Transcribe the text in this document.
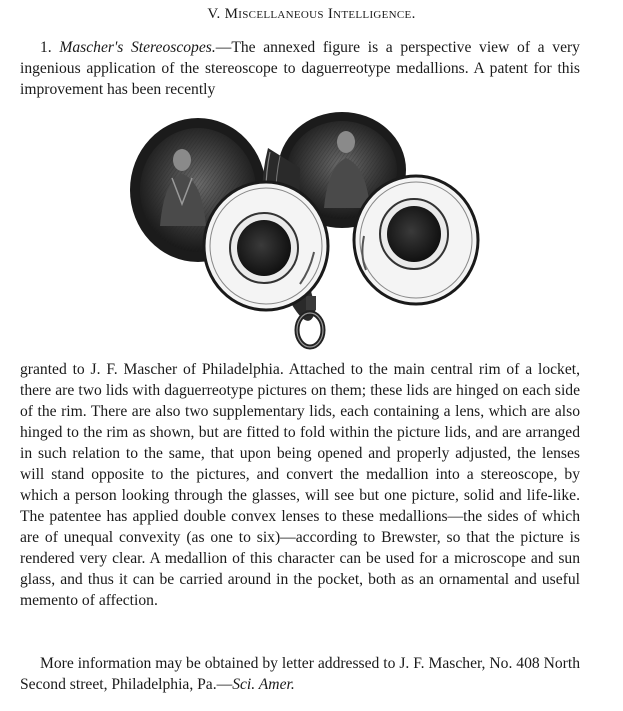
V. Miscellaneous Intelligence.

1. Mascher's Stereoscopes.—The annexed figure is a perspective view of a very ingenious application of the stereoscope to daguerreotype medallions. A patent for this improvement has been recently

granted to J. F. Mascher of Philadelphia. Attached to the main central rim of a locket, there are two lids with daguerreotype pictures on them; these lids are hinged on each side of the rim. There are also two supplementary lids, each containing a lens, which are also hinged to the rim as shown, but are fitted to fold within the picture lids, and are arranged in such relation to the same, that upon being opened and properly adjusted, the lenses will stand opposite to the pictures, and convert the medallion into a stereoscope, by which a person looking through the glasses, will see but one picture, solid and life-like. The patentee has applied double convex lenses to these medallions—the sides of which are of unequal convexity (as one to six)—according to Brewster, so that the picture is rendered very clear. A medallion of this character can be used for a microscope and sun glass, and thus it can be carried around in the pocket, both as an ornamental and useful memento of affection.

More information may be obtained by letter addressed to J. F. Mascher, No. 408 North Second street, Philadelphia, Pa.—Sci. Amer.
